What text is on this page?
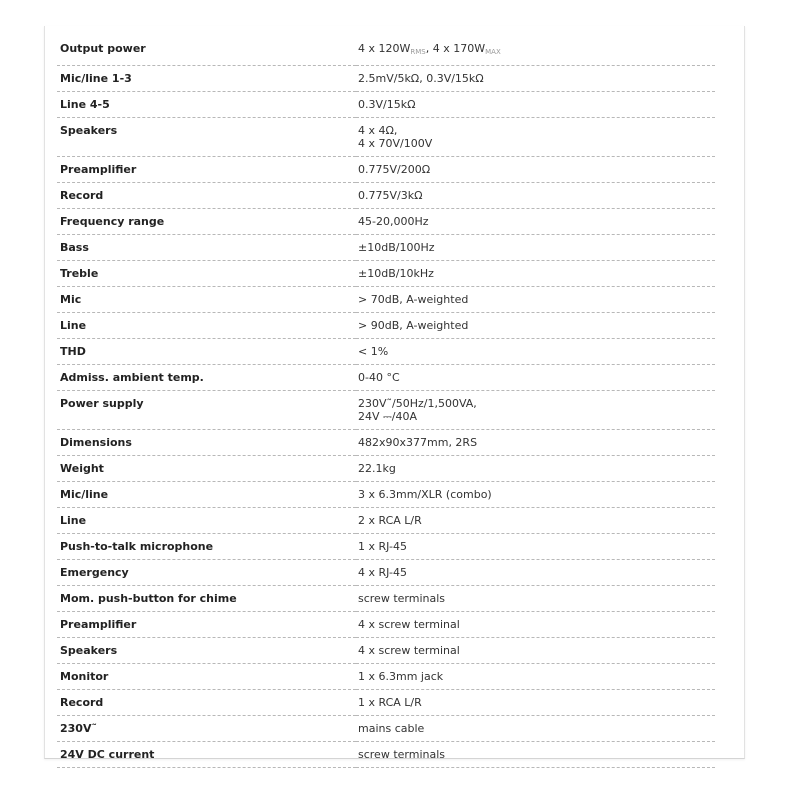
Output power	4 x $120W_{RMS}$, 4 x $170W_{MAX}$
Mic/line 1-3	2.5mV/5kΩ, 0.3V/15kΩ

Line 4-5	0.3V/15kΩ

Speakers	4 x 4Ω,
4 x 70V/100V

Preamplifier	0.775V/200Ω

Record	0.775V/3kΩ

Frequency range	45-20,000Hz

Bass	±10dB/100Hz

Treble	±10dB/10kHz

Mic	> 70dB, A-weighted

Line	> 90dB, A-weighted

THD	< 1%

Admiss. ambient temp.	0-40 °C

Power supply	230V˜/50Hz/1,500VA,
24V ⎓/40A

Dimensions	482x90x377mm, 2RS

Weight	22.1kg

Mic/line	3 x 6.3mm/XLR (combo)

Line	2 x RCA L/R

Push-to-talk microphone	1 x RJ-45

Emergency	4 x RJ-45

Mom. push-button for chime	screw terminals

Preamplifier	4 x screw terminal

Speakers	4 x screw terminal

Monitor	1 x 6.3mm jack

Record	1 x RCA L/R

230V˜	mains cable

24V DC current	screw terminals
